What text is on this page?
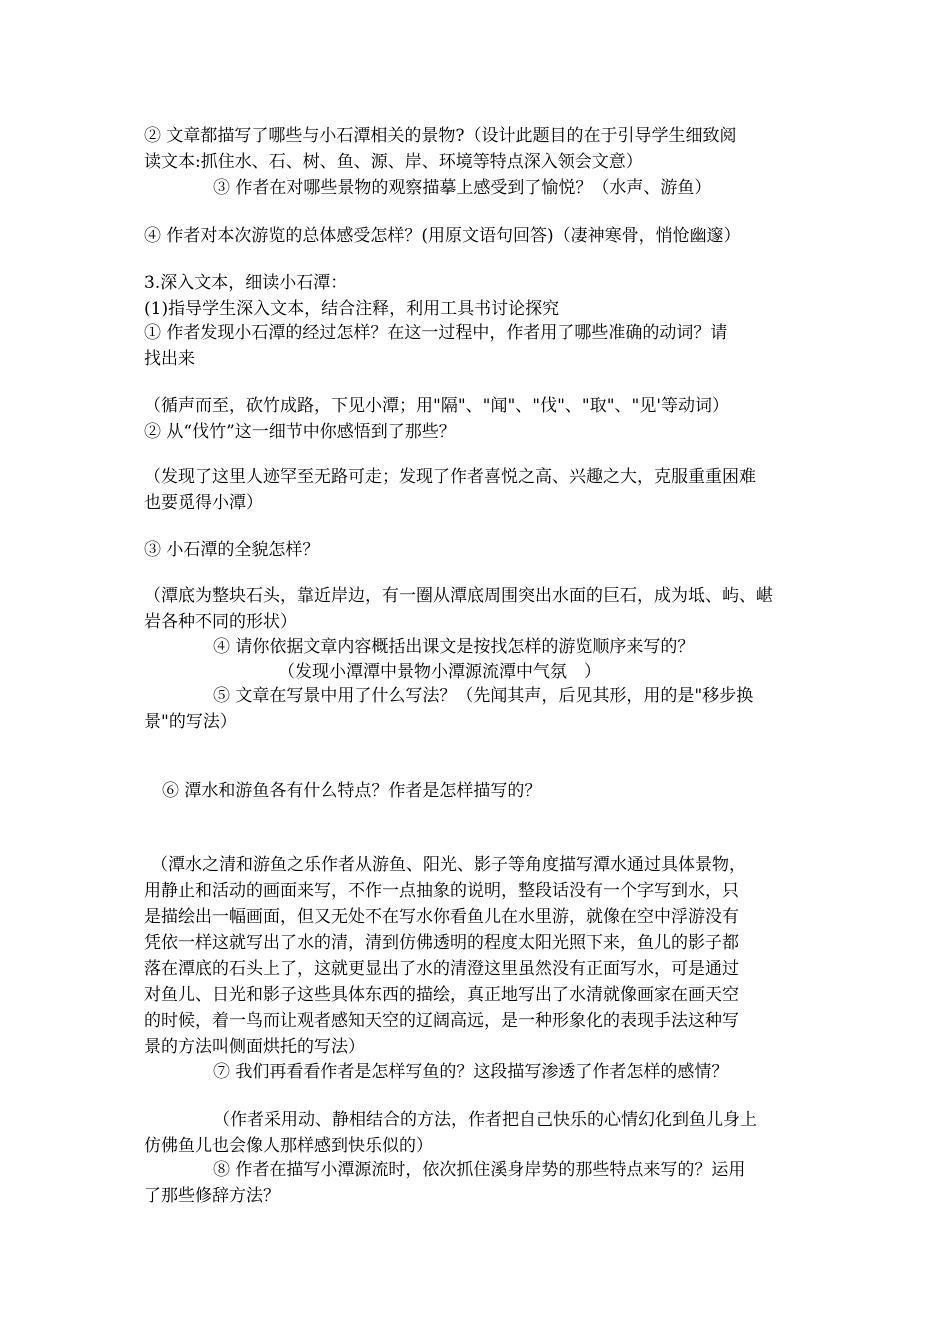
② 文章都描写了哪些与小石潭相关的景物?（设计此题目的在于引导学生细致阅
读文本:抓住水、石、树、鱼、源、岸、环境等特点深入领会文意）
③ 作者在对哪些景物的观察描摹上感受到了愉悦？（水声、游鱼）
④ 作者对本次游览的总体感受怎样？(用原文语句回答)（凄神寒骨，悄怆幽邃）
3.深入文本，细读小石潭：
(1)指导学生深入文本，结合注释，利用工具书讨论探究
① 作者发现小石潭的经过怎样？在这一过程中，作者用了哪些准确的动词？请
找出来
（循声而至，砍竹成路，下见小潭；用"隔"、"闻"、"伐"、"取"、"见'等动词）
② 从“伐竹”这一细节中你感悟到了那些？
（发现了这里人迹罕至无路可走；发现了作者喜悦之高、兴趣之大，克服重重困难
也要觅得小潭）
③ 小石潭的全貌怎样？
（潭底为整块石头，靠近岸边，有一圈从潭底周围突出水面的巨石，成为坻、屿、嵁
岩各种不同的形状）
④ 请你依据文章内容概括出课文是按找怎样的游览顺序来写的？
（发现小潭潭中景物小潭源流潭中气氛　）
⑤ 文章在写景中用了什么写法？（先闻其声，后见其形，用的是"移步换
景"的写法）
⑥ 潭水和游鱼各有什么特点？作者是怎样描写的？
（潭水之清和游鱼之乐作者从游鱼、阳光、影子等角度描写潭水通过具体景物，
用静止和活动的画面来写，不作一点抽象的说明，整段话没有一个字写到水，只
是描绘出一幅画面，但又无处不在写水你看鱼儿在水里游，就像在空中浮游没有
凭依一样这就写出了水的清，清到仿佛透明的程度太阳光照下来，鱼儿的影子都
落在潭底的石头上了，这就更显出了水的清澄这里虽然没有正面写水，可是通过
对鱼儿、日光和影子这些具体东西的描绘，真正地写出了水清就像画家在画天空
的时候，着一鸟而让观者感知天空的辽阔高远，是一种形象化的表现手法这种写
景的方法叫侧面烘托的写法）
⑦ 我们再看看作者是怎样写鱼的？这段描写渗透了作者怎样的感情？
（作者采用动、静相结合的方法，作者把自己快乐的心情幻化到鱼儿身上
仿佛鱼儿也会像人那样感到快乐似的）
⑧ 作者在描写小潭源流时，依次抓住溪身岸势的那些特点来写的？运用
了那些修辞方法？
